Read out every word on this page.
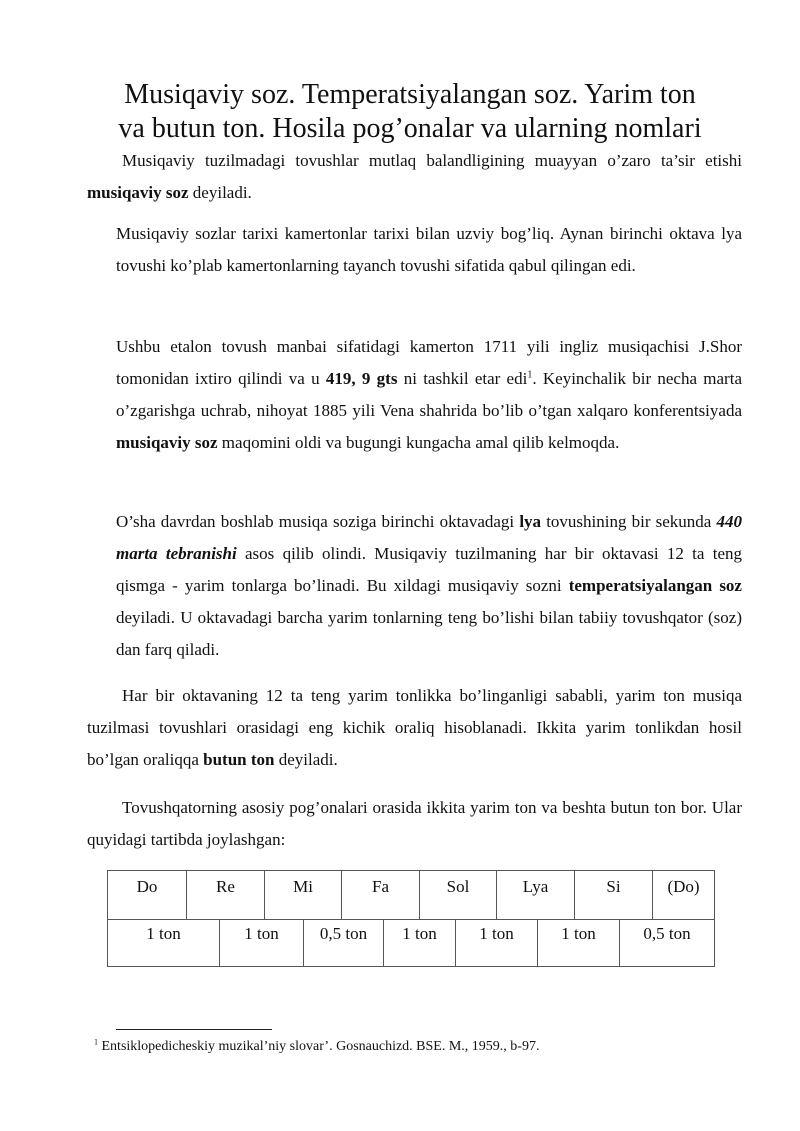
Musiqaviy soz. Temperatsiyalangan soz. Yarim ton
va butun ton. Hosila pog’onalar va ularning nomlari

Musiqaviy tuzilmadagi tovushlar mutlaq balandligining muayyan o’zaro ta’sir etishi musiqaviy soz deyiladi.

Musiqaviy sozlar tarixi kamertonlar tarixi bilan uzviy bog’liq. Aynan birinchi oktava lya tovushi ko’plab kamertonlarning tayanch tovushi sifatida qabul qilingan edi.

Ushbu etalon tovush manbai sifatidagi kamerton 1711 yili ingliz musiqachisi J.Shor tomonidan ixtiro qilindi va u 419, 9 gts ni tashkil etar edi$^1$. Keyinchalik bir necha marta o’zgarishga uchrab, nihoyat 1885 yili Vena shahrida bo’lib o’tgan xalqaro konferentsiyada musiqaviy soz maqomini oldi va bugungi kungacha amal qilib kelmoqda.

O’sha davrdan boshlab musiqa soziga birinchi oktavadagi lya tovushining bir sekunda 440 marta tebranishi asos qilib olindi. Musiqaviy tuzilmaning har bir oktavasi 12 ta teng qismga - yarim tonlarga bo’linadi. Bu xildagi musiqaviy sozni temperatsiyalangan soz deyiladi. U oktavadagi barcha yarim tonlarning teng bo’lishi bilan tabiiy tovushqator (soz) dan farq qiladi.

Har bir oktavaning 12 ta teng yarim tonlikka bo’linganligi sababli, yarim ton musiqa tuzilmasi tovushlari orasidagi eng kichik oraliq hisoblanadi. Ikkita yarim tonlikdan hosil bo’lgan oraliqqa butun ton deyiladi.

Tovushqatorning asosiy pog’onalari orasida ikkita yarim ton va beshta butun ton bor. Ular quyidagi tartibda joylashgan:

Do	Re	Mi	Fa	Sol	Lya	Si	(Do)
1 ton	1 ton	0,5 ton	1 ton	1 ton	1 ton	0,5 ton
$^1$ Entsiklopedicheskiy muzikal’niy slovar’. Gosnauchizd. BSE. M., 1959., b-97.
